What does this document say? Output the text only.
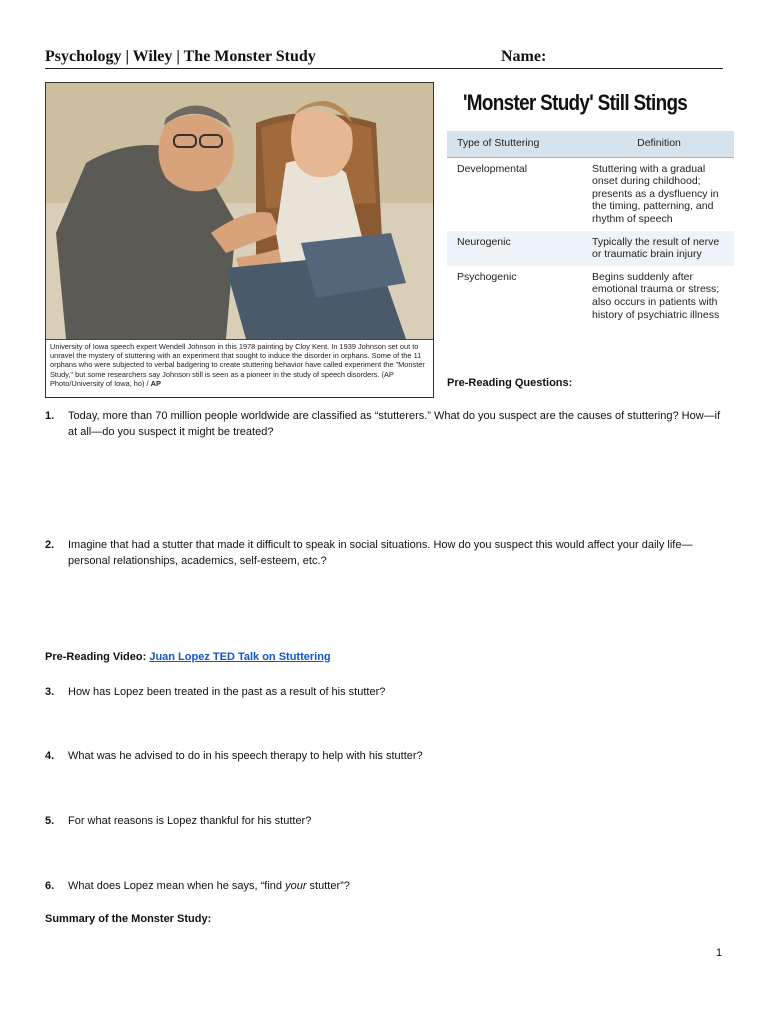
Psychology | Wiley | The Monster Study	Name:
University of Iowa speech expert Wendell Johnson in this 1978 painting by Cloy Kent. In 1939 Johnson set out to unravel the mystery of stuttering with an experiment that sought to induce the disorder in orphans. Some of the 11 orphans who were subjected to verbal badgering to create stuttering behavior have called experiment the "Monster Study," but some researchers say Johnson still is seen as a pioneer in the study of speech disorders. (AP Photo/University of Iowa, ho) / AP
'Monster Study' Still Stings
Type of Stuttering	Definition
Developmental	Stuttering with a gradual onset during childhood; presents as a dysfluency in the timing, patterning, and rhythm of speech
Neurogenic	Typically the result of nerve or traumatic brain injury
Psychogenic	Begins suddenly after emotional trauma or stress; also occurs in patients with history of psychiatric illness
Pre-Reading Questions:
1. Today, more than 70 million people worldwide are classified as “stutterers.” What do you suspect are the causes of stuttering? How—if at all—do you suspect it might be treated?
2. Imagine that had a stutter that made it difficult to speak in social situations. How do you suspect this would affect your daily life—personal relationships, academics, self-esteem, etc.?
Pre-Reading Video: Juan Lopez TED Talk on Stuttering
3. How has Lopez been treated in the past as a result of his stutter?
4. What was he advised to do in his speech therapy to help with his stutter?
5. For what reasons is Lopez thankful for his stutter?
6. What does Lopez mean when he says, “find your stutter”?
Summary of the Monster Study:
1
